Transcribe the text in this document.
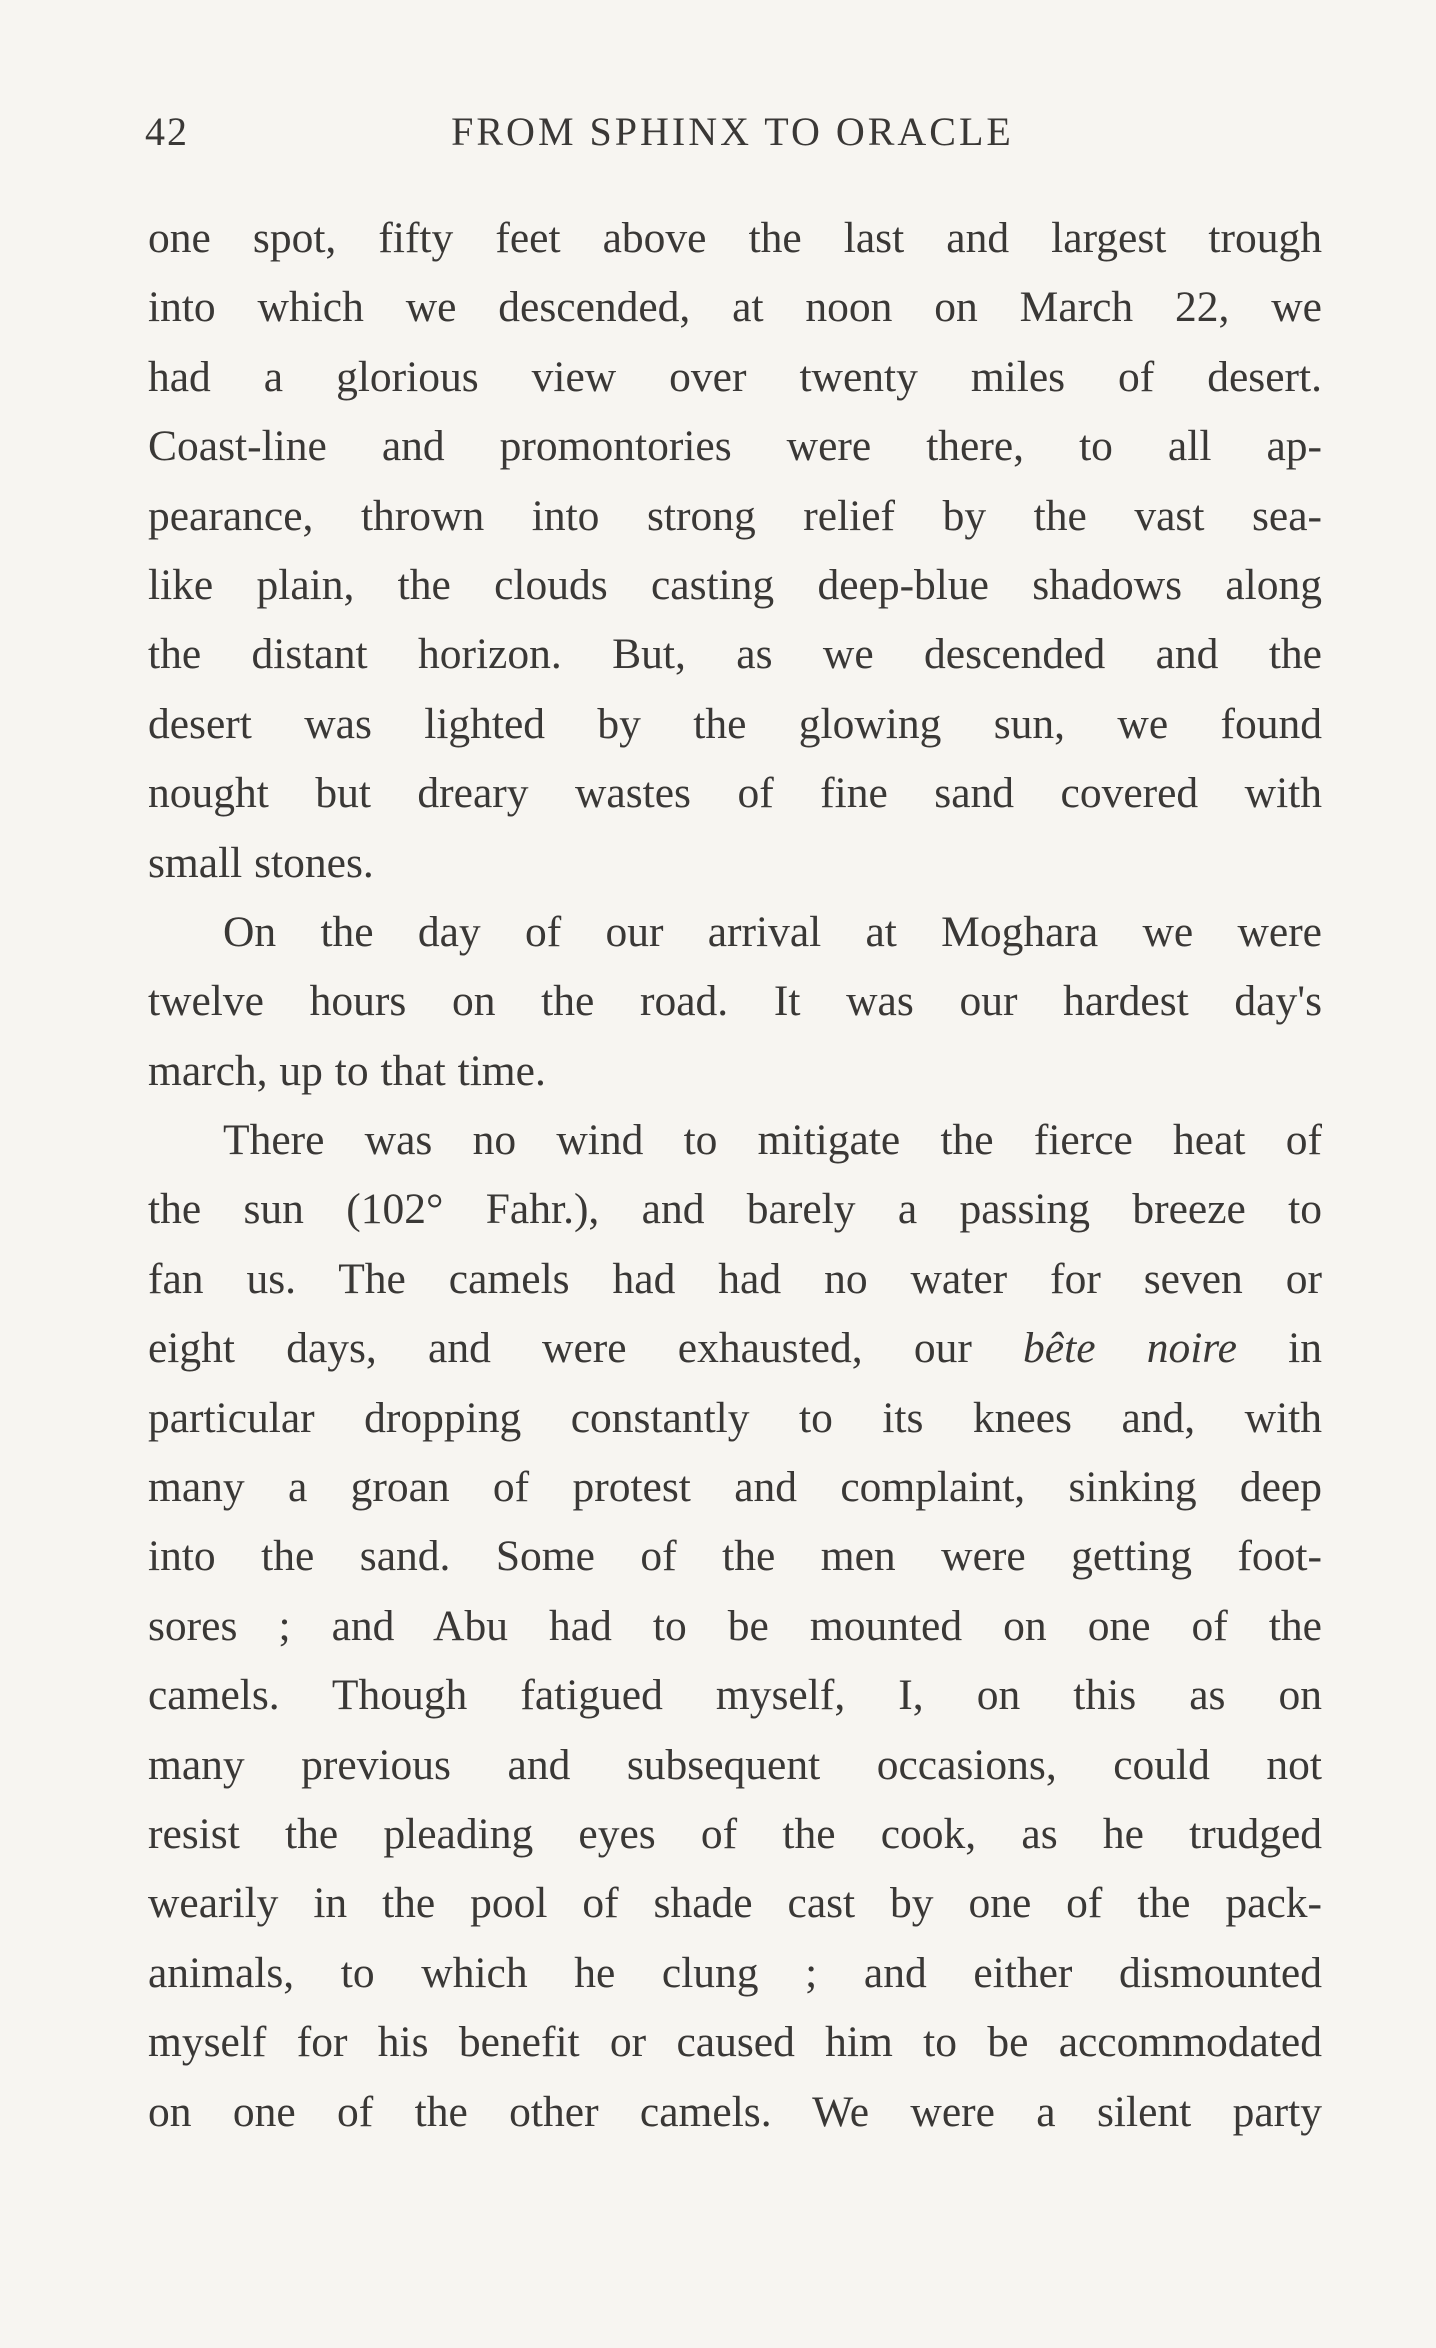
42	FROM SPHINX TO ORACLE
one spot, fifty feet above the last and largest trough
into which we descended, at noon on March 22, we
had a glorious view over twenty miles of desert.
Coast-line and promontories were there, to all ap-
pearance, thrown into strong relief by the vast sea-
like plain, the clouds casting deep-blue shadows along
the distant horizon. But, as we descended and the
desert was lighted by the glowing sun, we found
nought but dreary wastes of fine sand covered with
small stones.
On the day of our arrival at Moghara we were
twelve hours on the road. It was our hardest day's
march, up to that time.
There was no wind to mitigate the fierce heat of
the sun (102° Fahr.), and barely a passing breeze to
fan us. The camels had had no water for seven or
eight days, and were exhausted, our bête noire in
particular dropping constantly to its knees and, with
many a groan of protest and complaint, sinking deep
into the sand. Some of the men were getting foot-
sores ; and Abu had to be mounted on one of the
camels. Though fatigued myself, I, on this as on
many previous and subsequent occasions, could not
resist the pleading eyes of the cook, as he trudged
wearily in the pool of shade cast by one of the pack-
animals, to which he clung ; and either dismounted
myself for his benefit or caused him to be accommodated
on one of the other camels. We were a silent party
